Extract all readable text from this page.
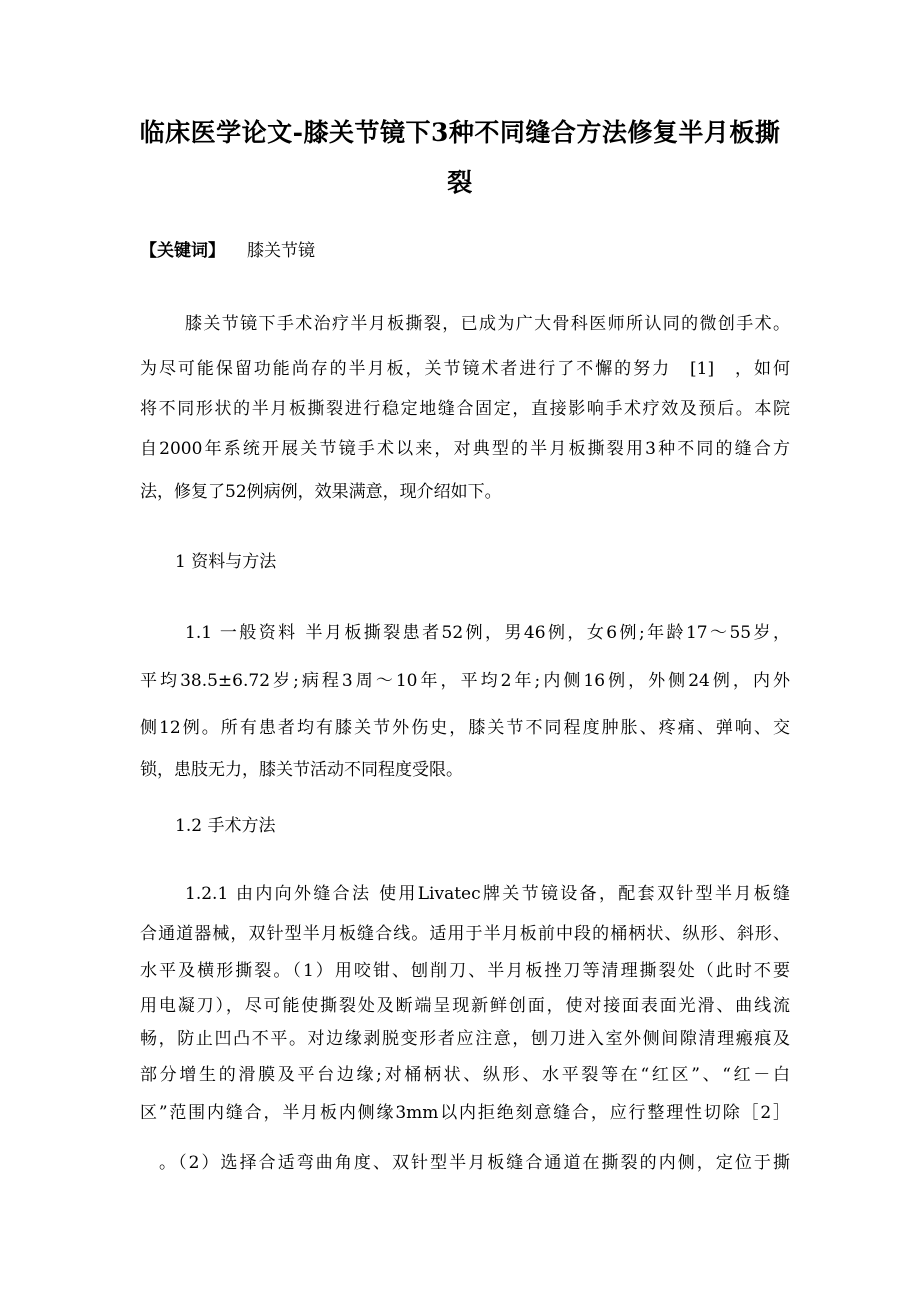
临床医学论文-膝关节镜下3种不同缝合方法修复半月板撕
裂
【关键词】 膝关节镜
膝关节镜下手术治疗半月板撕裂，已成为广大骨科医师所认同的微创手术。
为尽可能保留功能尚存的半月板，关节镜术者进行了不懈的努力　[1]　，如何
将不同形状的半月板撕裂进行稳定地缝合固定，直接影响手术疗效及预后。本院
自2000年系统开展关节镜手术以来，对典型的半月板撕裂用3种不同的缝合方
法，修复了52例病例，效果满意，现介绍如下。
1 资料与方法
1.1 一般资料 半月板撕裂患者52例，男46例，女6例;年龄17～55岁，
平均38.5±6.72岁;病程3周～10年，平均2年;内侧16例，外侧24例，内外
侧12例。所有患者均有膝关节外伤史，膝关节不同程度肿胀、疼痛、弹响、交
锁，患肢无力，膝关节活动不同程度受限。
1.2 手术方法
1.2.1 由内向外缝合法 使用Livatec牌关节镜设备，配套双针型半月板缝
合通道器械，双针型半月板缝合线。适用于半月板前中段的桶柄状、纵形、斜形、
水平及横形撕裂。（1）用咬钳、刨削刀、半月板挫刀等清理撕裂处（此时不要
用电凝刀），尽可能使撕裂处及断端呈现新鲜创面，使对接面表面光滑、曲线流
畅，防止凹凸不平。对边缘剥脱变形者应注意，刨刀进入室外侧间隙清理瘢痕及
部分增生的滑膜及平台边缘;对桶柄状、纵形、水平裂等在“红区”、“红－白
区”范围内缝合，半月板内侧缘3mm以内拒绝刻意缝合，应行整理性切除［2］
　。（2）选择合适弯曲角度、双针型半月板缝合通道在撕裂的内侧，定位于撕
